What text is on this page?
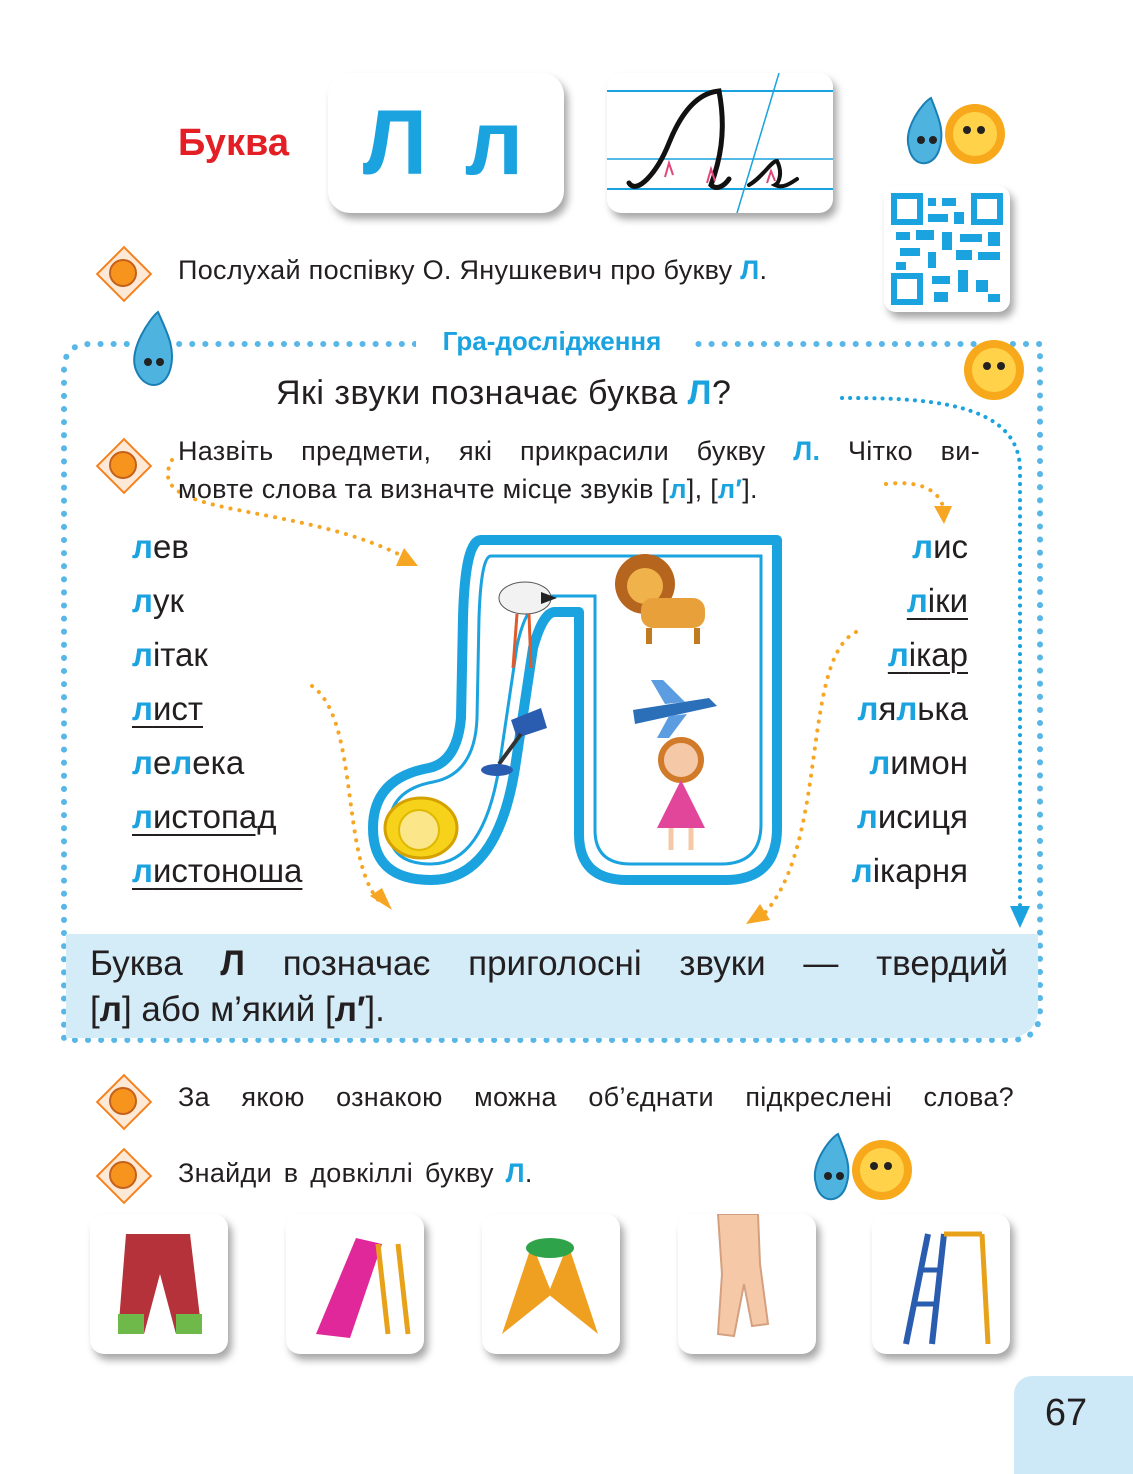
Буква Л л
Послухай поспівку О. Янушкевич про букву Л.
Гра-дослідження
Які звуки позначає буква Л?
Назвіть предмети, які прикрасили букву Л. Чітко ви-
мовте слова та визначте місце звуків [л], [л′].
лев
лук
літак
лист
лелека
листопад
листоноша
лис
ліки
лікар
лялька
лимон
лисиця
лікарня
Буква Л позначає приголосні звуки — твердий
[л] або м’який [л′].
За якою ознакою можна об’єднати підкреслені слова?
Знайди в довкіллі букву Л.
67
